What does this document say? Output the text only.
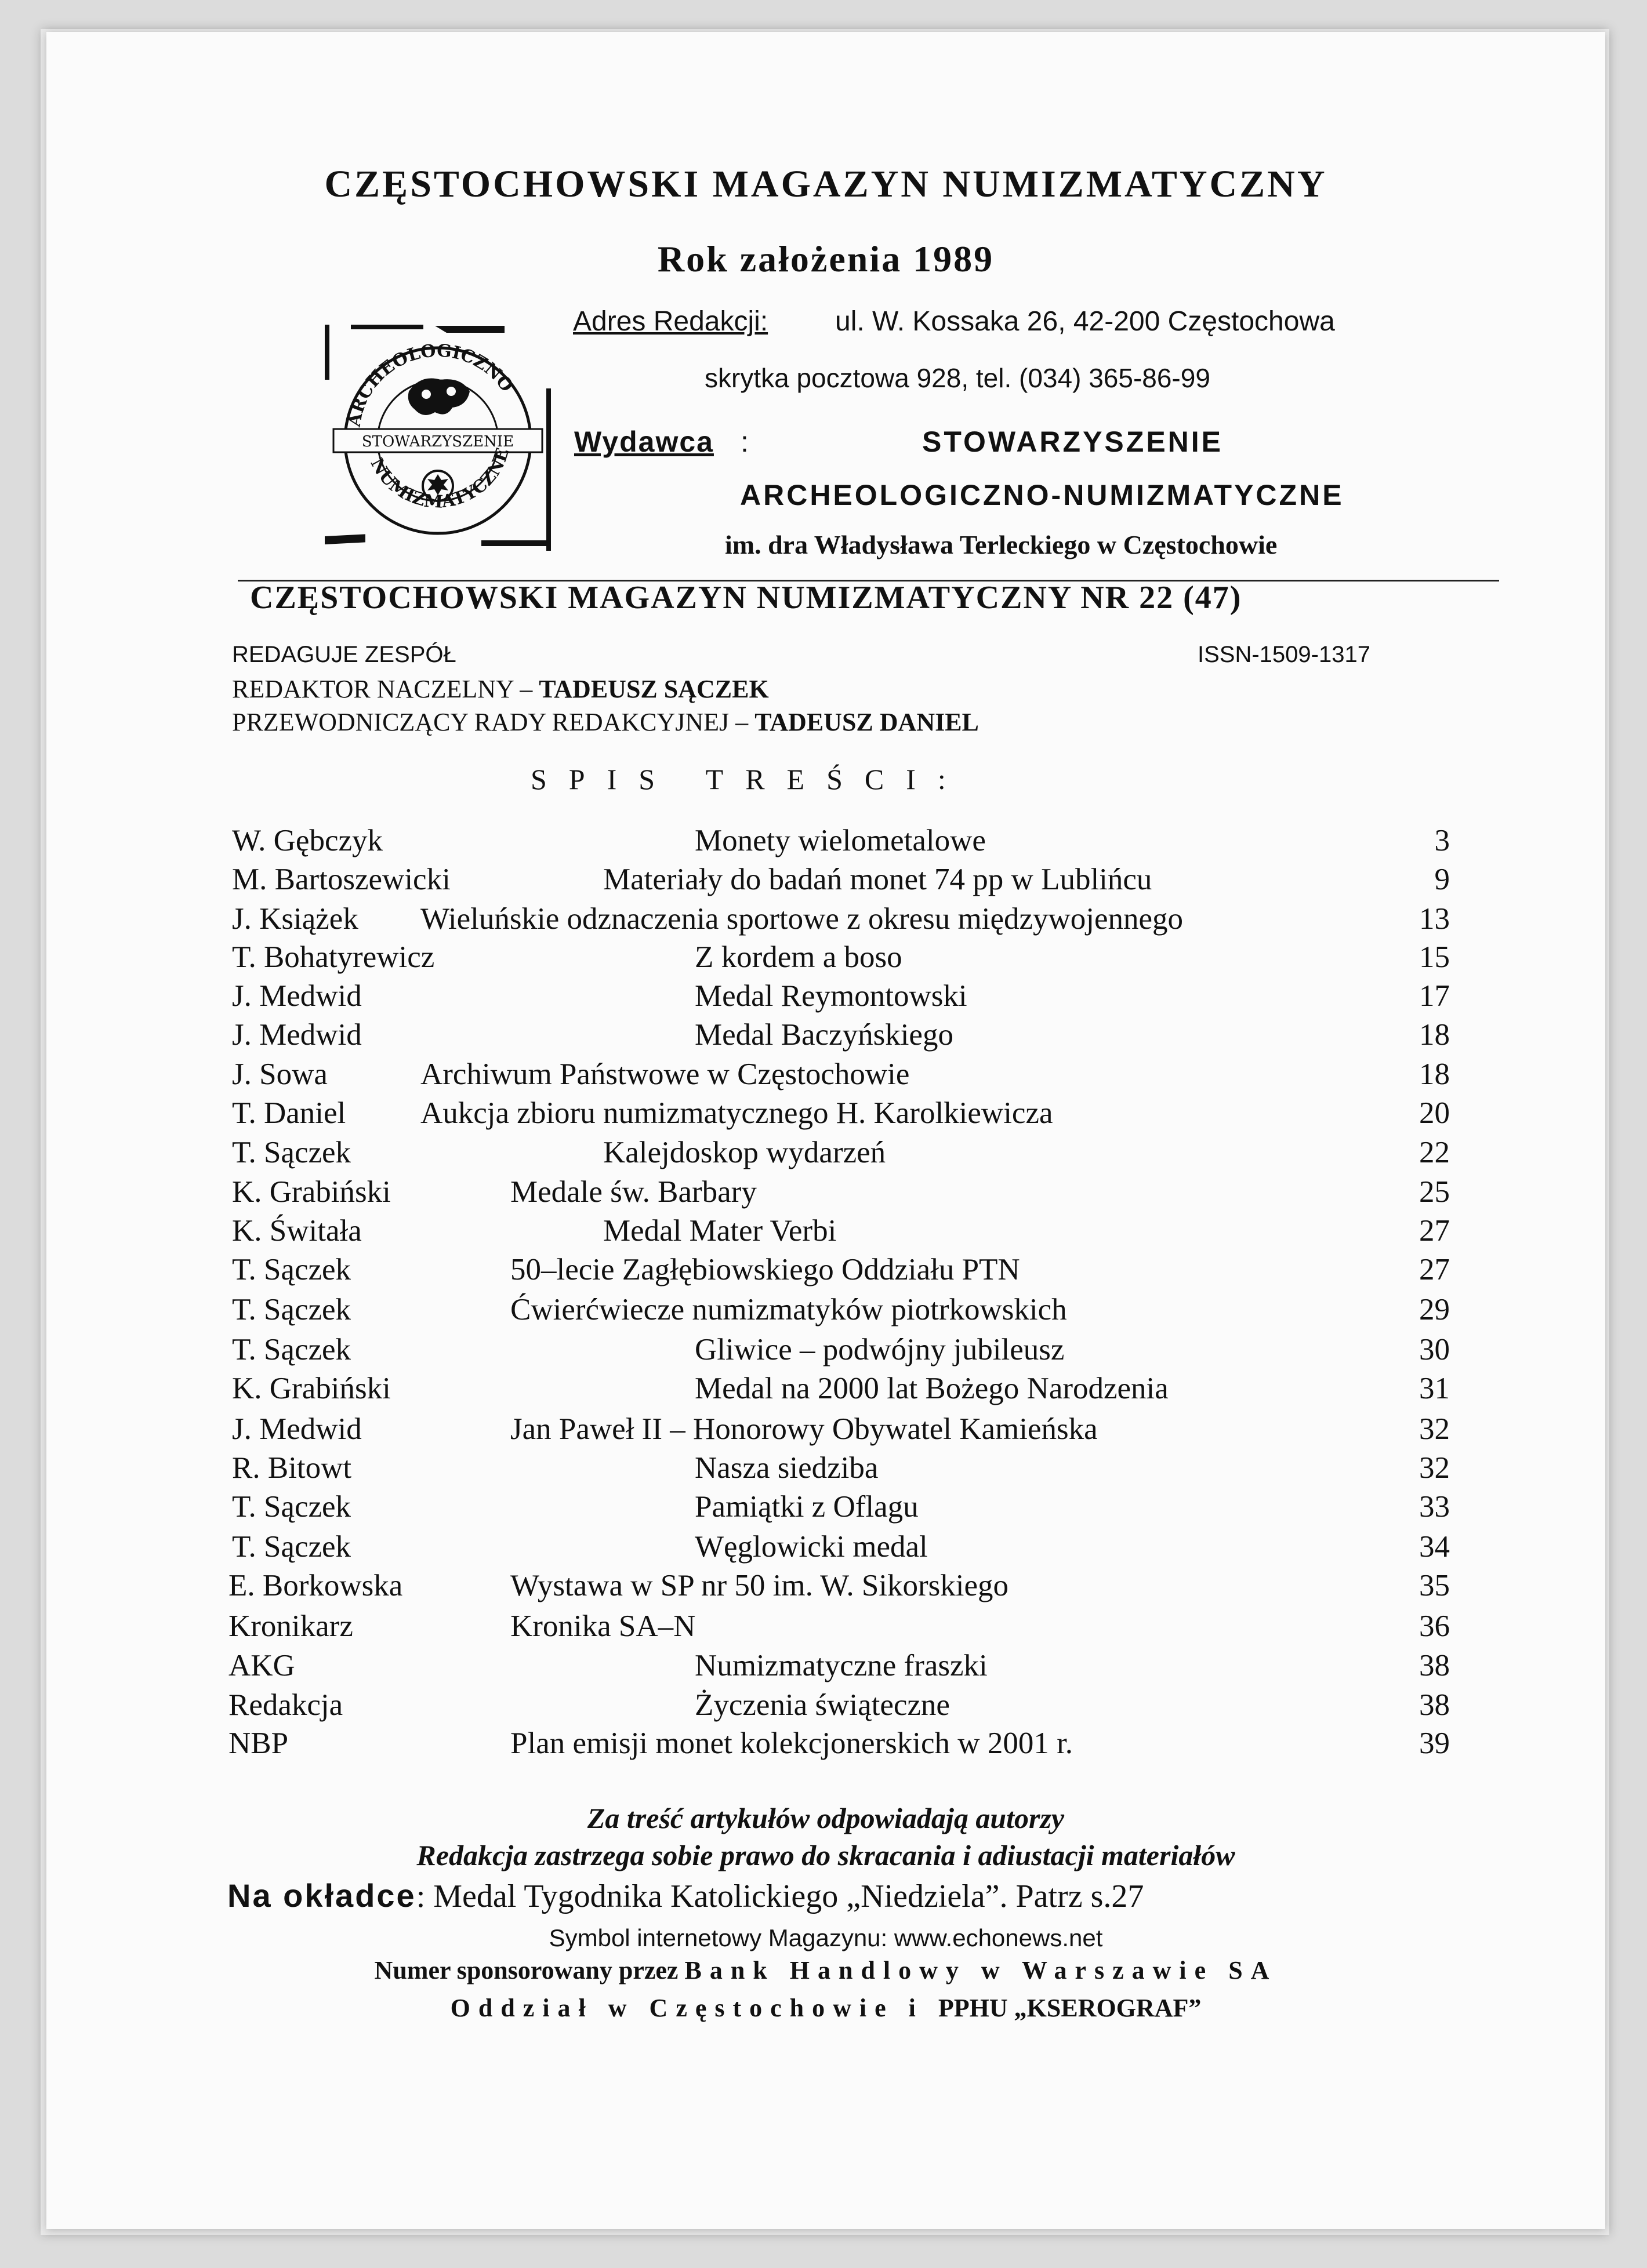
CZĘSTOCHOWSKI MAGAZYN NUMIZMATYCZNY
Rok założenia 1989
ARCHEOLOGICZNO
STOWARZYSZENIE
NUMIZMATYCZNE
Adres Redakcji: ul. W. Kossaka 26, 42-200 Częstochowa
skrytka pocztowa 928, tel. (034) 365-86-99
Wydawca :	STOWARZYSZENIE
ARCHEOLOGICZNO-NUMIZMATYCZNE
im. dra Władysława Terleckiego w Częstochowie
CZĘSTOCHOWSKI MAGAZYN NUMIZMATYCZNY NR 22 (47)
REDAGUJE ZESPÓŁ	ISSN-1509-1317
REDAKTOR NACZELNY – TADEUSZ SĄCZEK
PRZEWODNICZĄCY RADY REDAKCYJNEJ – TADEUSZ DANIEL
SPIS TREŚCI:
W. Gębczyk	Monety wielometalowe	3
M. Bartoszewicki	Materiały do badań monet 74 pp w Lublińcu	9
J. Książek Wieluńskie odznaczenia sportowe z okresu międzywojennego	13
T. Bohatyrewicz	Z kordem a boso	15
J. Medwid	Medal Reymontowski	17
J. Medwid	Medal Baczyńskiego	18
J. Sowa	Archiwum Państwowe w Częstochowie	18
T. Daniel Aukcja zbioru numizmatycznego H. Karolkiewicza	20
T. Sączek	Kalejdoskop wydarzeń	22
K. Grabiński	Medale św. Barbary	25
K. Świtała	Medal Mater Verbi	27
T. Sączek	50–lecie Zagłębiowskiego Oddziału PTN	27
T. Sączek	Ćwierćwiecze numizmatyków piotrkowskich	29
T. Sączek	Gliwice – podwójny jubileusz	30
K. Grabiński	Medal na 2000 lat Bożego Narodzenia	31
J. Medwid	Jan Paweł II – Honorowy Obywatel Kamieńska	32
R. Bitowt	Nasza siedziba	32
T. Sączek	Pamiątki z Oflagu	33
T. Sączek	Węglowicki medal	34
E. Borkowska	Wystawa w SP nr 50 im. W. Sikorskiego	35
Kronikarz	Kronika SA–N	36
AKG	Numizmatyczne fraszki	38
Redakcja	Życzenia świąteczne	38
NBP	Plan emisji monet kolekcjonerskich w 2001 r.	39
Za treść artykułów odpowiadają autorzy
Redakcja zastrzega sobie prawo do skracania i adiustacji materiałów
Na okładce: Medal Tygodnika Katolickiego „Niedziela”. Patrz s.27
Symbol internetowy Magazynu: www.echonews.net
Numer sponsorowany przez Bank Handlowy w Warszawie SA
Oddział w Częstochowie i PPHU „KSEROGRAF”
